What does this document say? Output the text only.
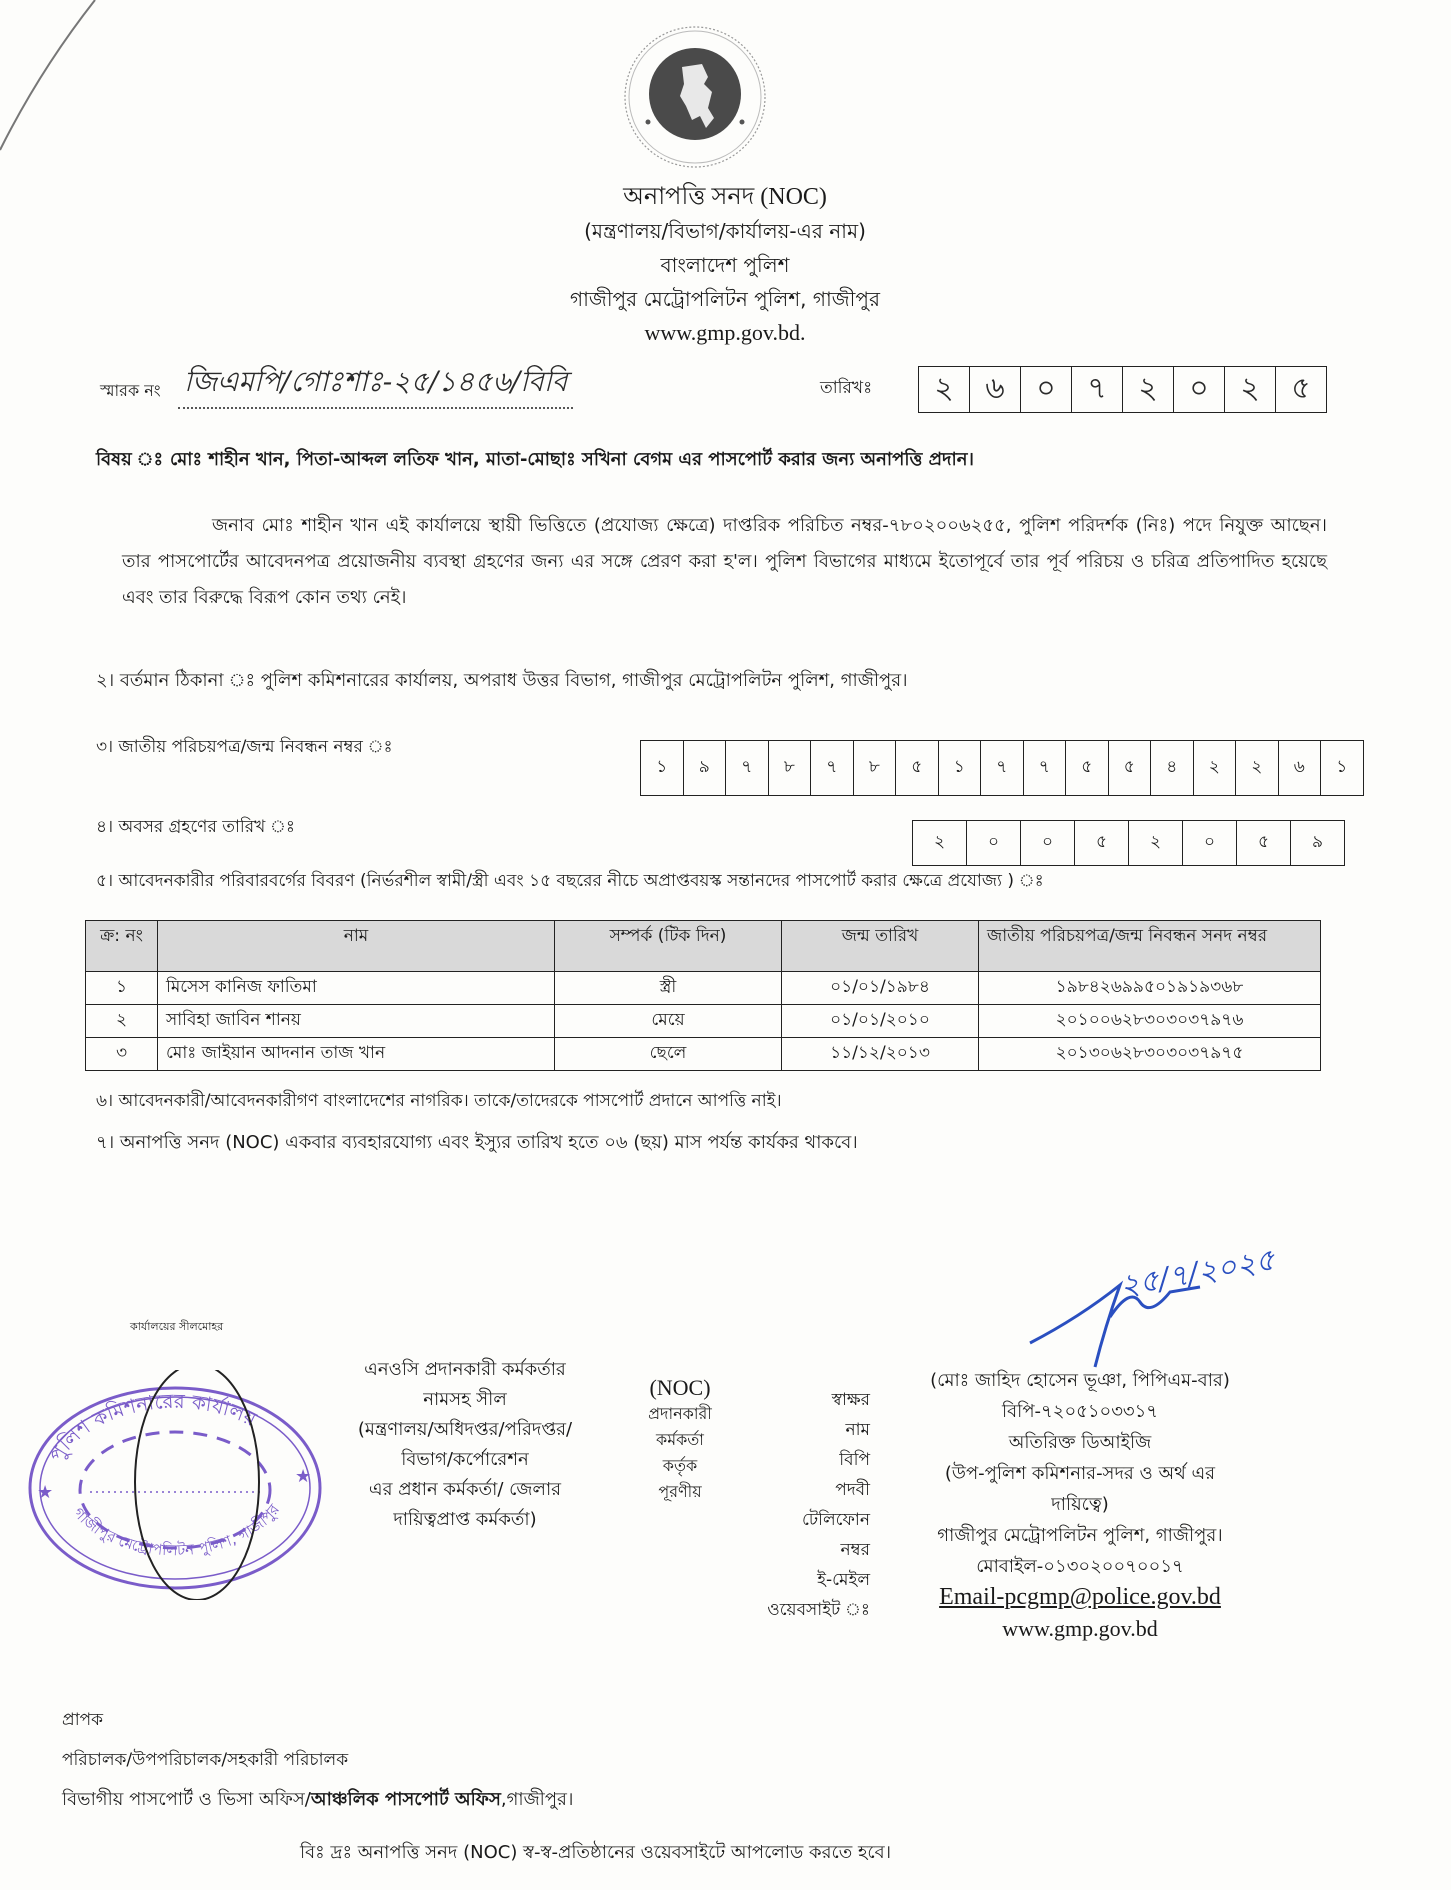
অনাপত্তি সনদ (NOC)
(মন্ত্রণালয়/বিভাগ/কার্যালয়-এর নাম)
বাংলাদেশ পুলিশ
গাজীপুর মেট্রোপলিটন পুলিশ, গাজীপুর
www.gmp.gov.bd.
স্মারক নং জিএমপি/গোঃশাঃ-২৫/১৪৫৬/বিবি	তারিখঃ	২	৬	০	৭	২	০	২	৫
বিষয় ঃ মোঃ শাহীন খান, পিতা-আব্দল লতিফ খান, মাতা-মোছাঃ সখিনা বেগম এর পাসপোর্ট করার জন্য অনাপত্তি প্রদান।
জনাব মোঃ শাহীন খান এই কার্যালয়ে স্থায়ী ভিত্তিতে (প্রযোজ্য ক্ষেত্রে) দাপ্তরিক পরিচিত নম্বর-৭৮০২০০৬২৫৫, পুলিশ পরিদর্শক (নিঃ) পদে নিযুক্ত আছেন। তার পাসপোর্টের আবেদনপত্র প্রয়োজনীয় ব্যবস্থা গ্রহণের জন্য এর সঙ্গে প্রেরণ করা হ'ল। পুলিশ বিভাগের মাধ্যমে ইতোপূর্বে তার পূর্ব পরিচয় ও চরিত্র প্রতিপাদিত হয়েছে এবং তার বিরুদ্ধে বিরূপ কোন তথ্য নেই।
২। বর্তমান ঠিকানা ঃ পুলিশ কমিশনারের কার্যালয়, অপরাধ উত্তর বিভাগ, গাজীপুর মেট্রোপলিটন পুলিশ, গাজীপুর।
৩। জাতীয় পরিচয়পত্র/জন্ম নিবন্ধন নম্বর ঃ
১	৯	৭	৮	৭	৮	৫	১	৭	৭	৫	৫	৪	২	২	৬	১
৪। অবসর গ্রহণের তারিখ ঃ
২	০	০	৫	২	০	৫	৯
৫। আবেদনকারীর পরিবারবর্গের বিবরণ (নির্ভরশীল স্বামী/স্ত্রী এবং ১৫ বছরের নীচে অপ্রাপ্তবয়স্ক সন্তানদের পাসপোর্ট করার ক্ষেত্রে প্রযোজ্য ) ঃ
ক্র: নং	নাম	সম্পর্ক (টিক দিন)	জন্ম তারিখ	জাতীয় পরিচয়পত্র/জন্ম নিবন্ধন সনদ নম্বর
১	মিসেস কানিজ ফাতিমা	স্ত্রী	০১/০১/১৯৮৪	১৯৮৪২৬৯৯৫০১৯১৯৩৬৮
২	সাবিহা জাবিন শানয়	মেয়ে	০১/০১/২০১০	২০১০০৬২৮৩০৩০৩৭৯৭৬
৩	মোঃ জাইয়ান আদনান তাজ খান	ছেলে	১১/১২/২০১৩	২০১৩০৬২৮৩০৩০৩৭৯৭৫
৬। আবেদনকারী/আবেদনকারীগণ বাংলাদেশের নাগরিক। তাকে/তাদেরকে পাসপোর্ট প্রদানে আপত্তি নাই।
৭। অনাপত্তি সনদ (NOC) একবার ব্যবহারযোগ্য এবং ইস্যুর তারিখ হতে ০৬ (ছয়) মাস পর্যন্ত কার্যকর থাকবে।
কার্যালয়ের সীলমোহর
পুলিশ কমিশনারের কার্যালয়
গাজীপুর মেট্রোপলিটন পুলিশ, গাজীপুর
★
★
এনওসি প্রদানকারী কর্মকর্তার
নামসহ সীল
(মন্ত্রণালয়/অধিদপ্তর/পরিদপ্তর/
বিভাগ/কর্পোরেশন
এর প্রধান কর্মকর্তা/ জেলার
দায়িত্বপ্রাপ্ত কর্মকর্তা)
(NOC)
প্রদানকারী
কর্মকর্তা
কর্তৃক
পূরণীয়
স্বাক্ষর
নাম
বিপি
পদবী
টেলিফোন
নম্বর
ই-মেইল
ওয়েবসাইট ঃ
২৫/৭/২০২৫
(মোঃ জাহিদ হোসেন ভূঞা, পিপিএম-বার)
বিপি-৭২০৫১০৩৩১৭
অতিরিক্ত ডিআইজি
(উপ-পুলিশ কমিশনার-সদর ও অর্থ এর
দায়িত্বে)
গাজীপুর মেট্রোপলিটন পুলিশ, গাজীপুর।
মোবাইল-০১৩০২০০৭০০১৭
Email-pcgmp@police.gov.bd
www.gmp.gov.bd
প্রাপক
পরিচালক/উপপরিচালক/সহকারী পরিচালক
বিভাগীয় পাসপোর্ট ও ভিসা অফিস/আঞ্চলিক পাসপোর্ট অফিস,গাজীপুর।
বিঃ দ্রঃ অনাপত্তি সনদ (NOC) স্ব-স্ব-প্রতিষ্ঠানের ওয়েবসাইটে আপলোড করতে হবে।
